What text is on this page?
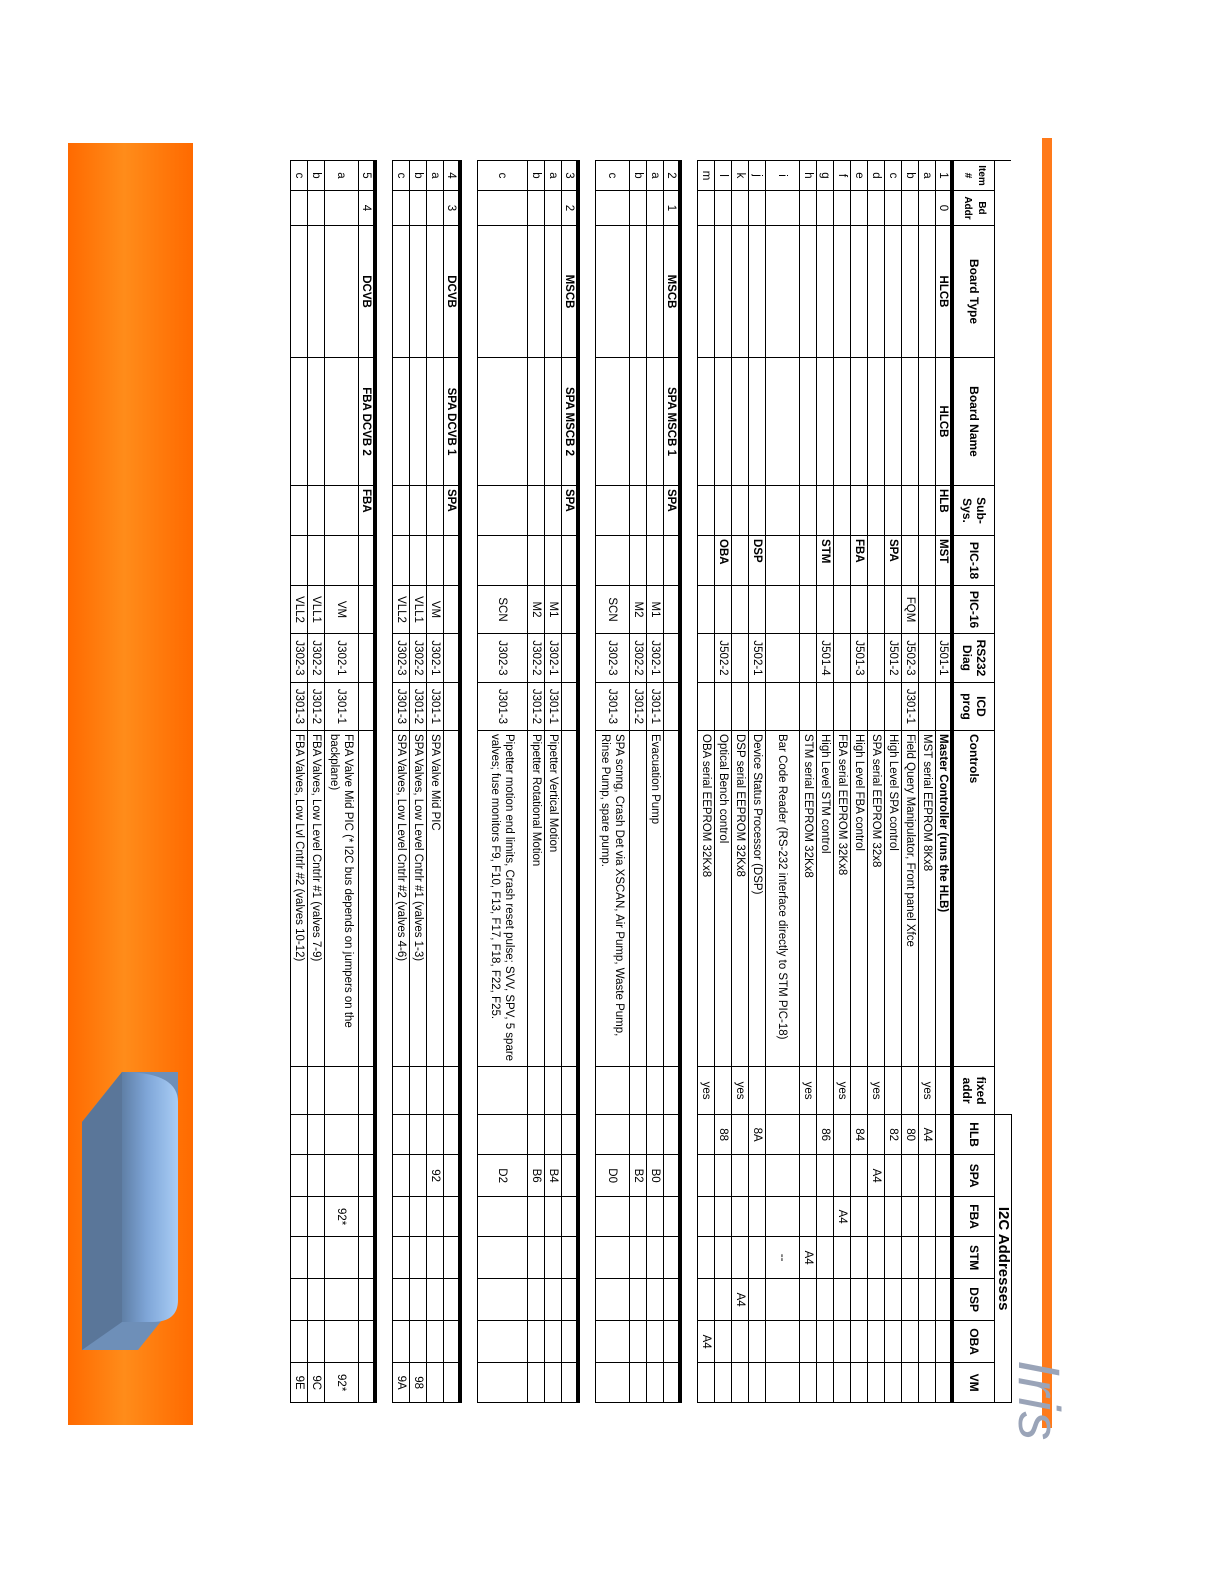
Iris
											I2C Addresses						
Item #	Bd Addr	Board Type	Board Name	Sub-Sys.	PIC-18	PIC-16	RS232 Diag	ICD prog	Controls	fixed addr	HLB	SPA	FBA	STM	DSP	OBA	VM
1	0	HLCB	HLCB	HLB	MST		J501-1		Master Controller (runs the HLB)								
a									MST serial EEPROM 8Kx8	yes	A4						
b						FQM	J502-3	J301-1	Field Query Manipulator, Front panel Xfce		80						
c					SPA		J501-2		High Level SPA control		82						
d									SPA serial EEPROM 32x8	yes		A4					
e					FBA		J501-3		High Level FBA control		84						
f									FBA serial EEPROM 32Kx8	yes			A4				
g					STM		J501-4		High Level STM control		86						
h									STM serial EEPROM 32Kx8	yes				A4			
i									Bar Code Reader (RS-232 interface directly to STM PIC-18)					--			
j					DSP		J502-1		Device Status Processor (DSP)		8A						
k									DSP serial EEPROM 32Kx8	yes					A4		
l					OBA		J502-2		Optical Bench control		88						
m									OBA serial EEPROM 32Kx8	yes						A4	

2	1	MSCB	SPA MSCB 1	SPA													
a						M1	J302-1	J301-1	Evacuation Pump			B0					
b						M2	J302-2	J301-2				B2					
c						SCN	J302-3	J301-3	SPA scnng, Crash Det via XSCAN, Air Pump, Waste Pump, Rinse Pump, spare pump.			D0					

3	2	MSCB	SPA MSCB 2	SPA													
a						M1	J302-1	J301-1	Pipetter Vertical Motion			B4					
b						M2	J302-2	J301-2	Pipetter Rotational Motion			B6					
c						SCN	J302-3	J301-3	Pipetter motion end limits, Crash reset pulse; SVV, SPV, 5 spare valves; fuse monitors F9, F10, F13, F17, F18, F22, F25.			D2					

4	3	DCVB	SPA DCVB 1	SPA													
a						VM	J302-1	J301-1	SPA Valve Mid PIC			92					
b						VLL1	J302-2	J301-2	SPA Valves, Low Level Cntrlr #1 (valves 1-3)								98
c						VLL2	J302-3	J301-3	SPA Valves, Low Level Cntrlr #2 (valves 4-6)								9A

5	4	DCVB	FBA DCVB 2	FBA													
a						VM	J302-1	J301-1	FBA Valve Mid PIC (* I2C bus depends on jumpers on the backplane)				92*				92*
b						VLL1	J302-2	J301-2	FBA Valves, Low Level Cntrlr #1 (valves 7-9)								9C
c						VLL2	J302-3	J301-3	FBA Valves, Low Lvl Cntrlr #2 (valves 10-12)								9E
